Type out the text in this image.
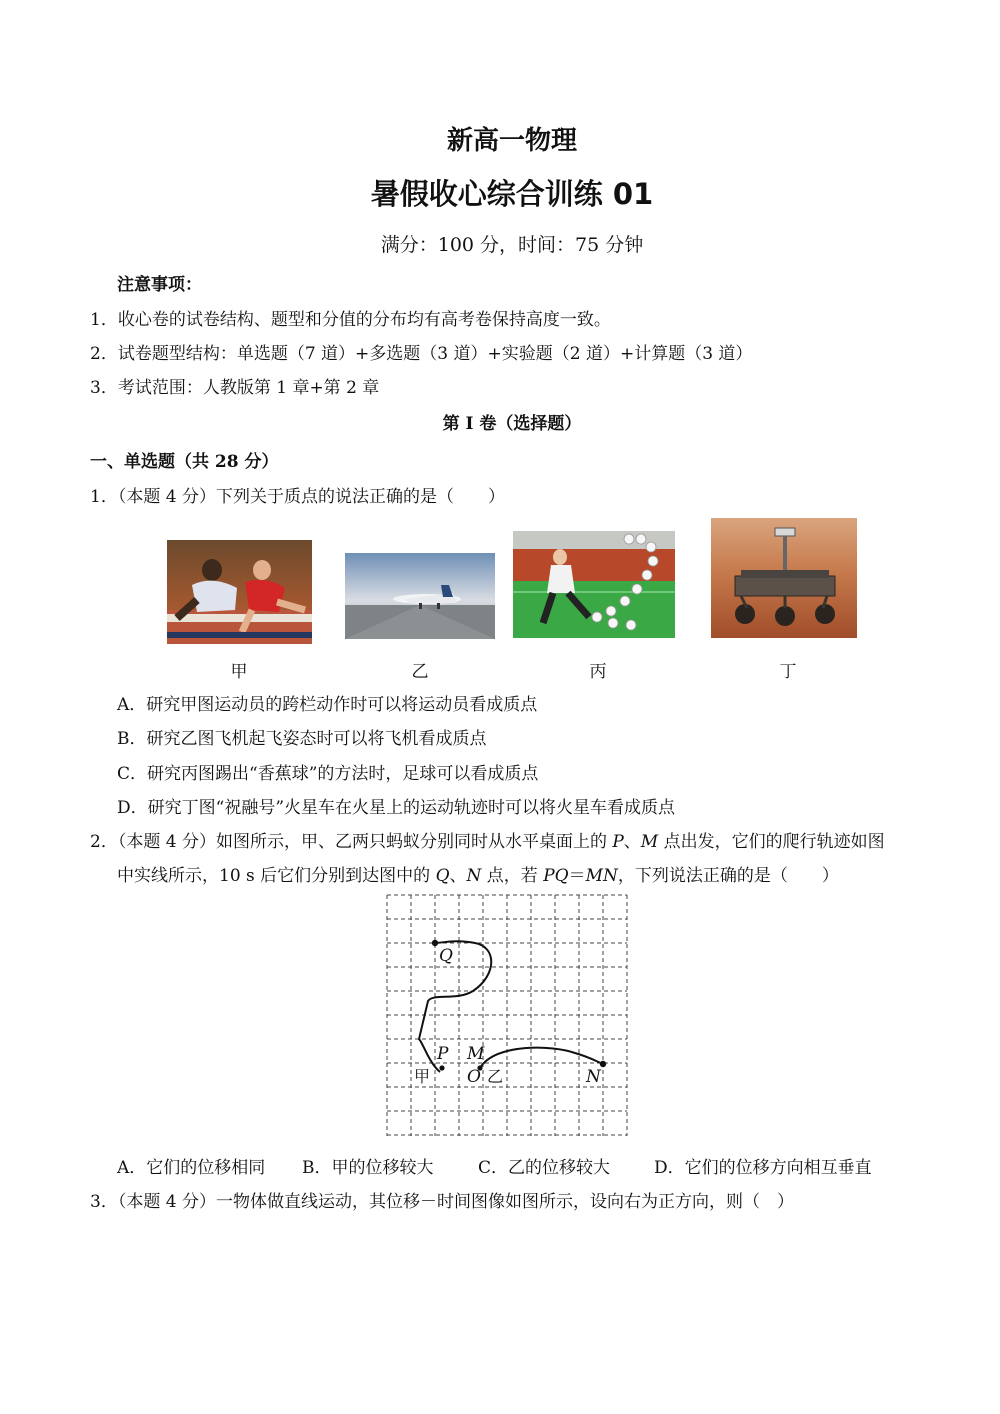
新高一物理
暑假收心综合训练 01
满分：100 分，时间：75 分钟
注意事项：
1．收心卷的试卷结构、题型和分值的分布均有高考卷保持高度一致。
2．试卷题型结构：单选题（7 道）+多选题（3 道）+实验题（2 道）+计算题（3 道）
3．考试范围：人教版第 1 章+第 2 章
第 I 卷（选择题）
一、单选题（共 28 分）
1．（本题 4 分）下列关于质点的说法正确的是（　　）
甲	乙	丙	丁
A．研究甲图运动员的跨栏动作时可以将运动员看成质点
B．研究乙图飞机起飞姿态时可以将飞机看成质点
C．研究丙图踢出“香蕉球”的方法时，足球可以看成质点
D．研究丁图“祝融号”火星车在火星上的运动轨迹时可以将火星车看成质点
2．（本题 4 分）如图所示，甲、乙两只蚂蚁分别同时从水平桌面上的 P、M 点出发，它们的爬行轨迹如图
中实线所示，10 s 后它们分别到达图中的 Q、N 点，若 PQ＝MN，下列说法正确的是（　　）
Q
P M
N
O
甲	乙
A．它们的位移相同 B．甲的位移较大	C．乙的位移较大	D．它们的位移方向相互垂直
3．（本题 4 分）一物体做直线运动，其位移－时间图像如图所示，设向右为正方向，则（　）
